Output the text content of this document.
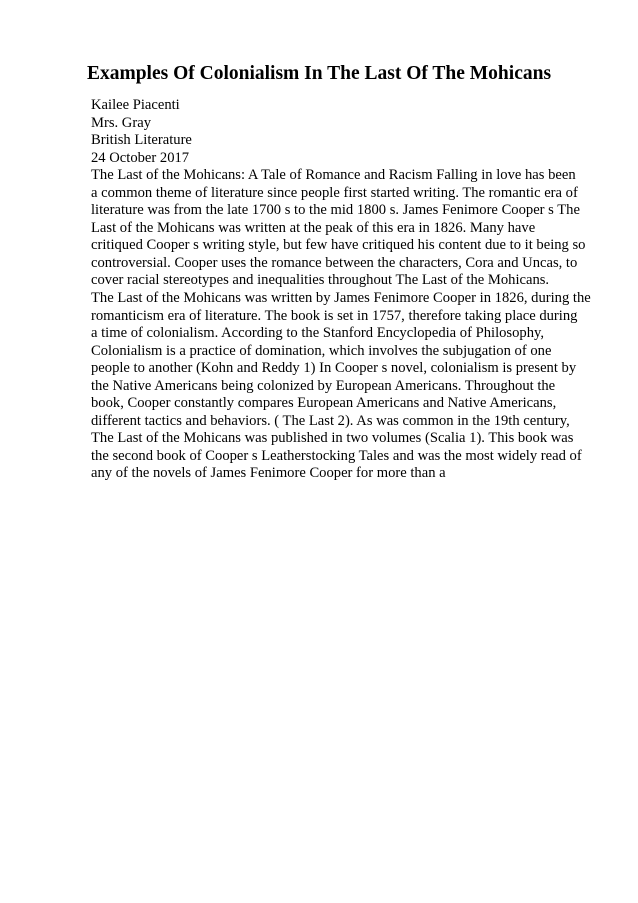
Examples Of Colonialism In The Last Of The Mohicans
Kailee Piacenti
Mrs. Gray
British Literature
24 October 2017
The Last of the Mohicans: A Tale of Romance and Racism Falling in love has been
a common theme of literature since people first started writing. The romantic era of
literature was from the late 1700 s to the mid 1800 s. James Fenimore Cooper s The
Last of the Mohicans was written at the peak of this era in 1826. Many have
critiqued Cooper s writing style, but few have critiqued his content due to it being so
controversial. Cooper uses the romance between the characters, Cora and Uncas, to
cover racial stereotypes and inequalities throughout The Last of the Mohicans.
The Last of the Mohicans was written by James Fenimore Cooper in 1826, during the
romanticism era of literature. The book is set in 1757, therefore taking place during
a time of colonialism. According to the Stanford Encyclopedia of Philosophy,
Colonialism is a practice of domination, which involves the subjugation of one
people to another (Kohn and Reddy 1) In Cooper s novel, colonialism is present by
the Native Americans being colonized by European Americans. Throughout the
book, Cooper constantly compares European Americans and Native Americans,
different tactics and behaviors. ( The Last 2). As was common in the 19th century,
The Last of the Mohicans was published in two volumes (Scalia 1). This book was
the second book of Cooper s Leatherstocking Tales and was the most widely read of
any of the novels of James Fenimore Cooper for more than a
